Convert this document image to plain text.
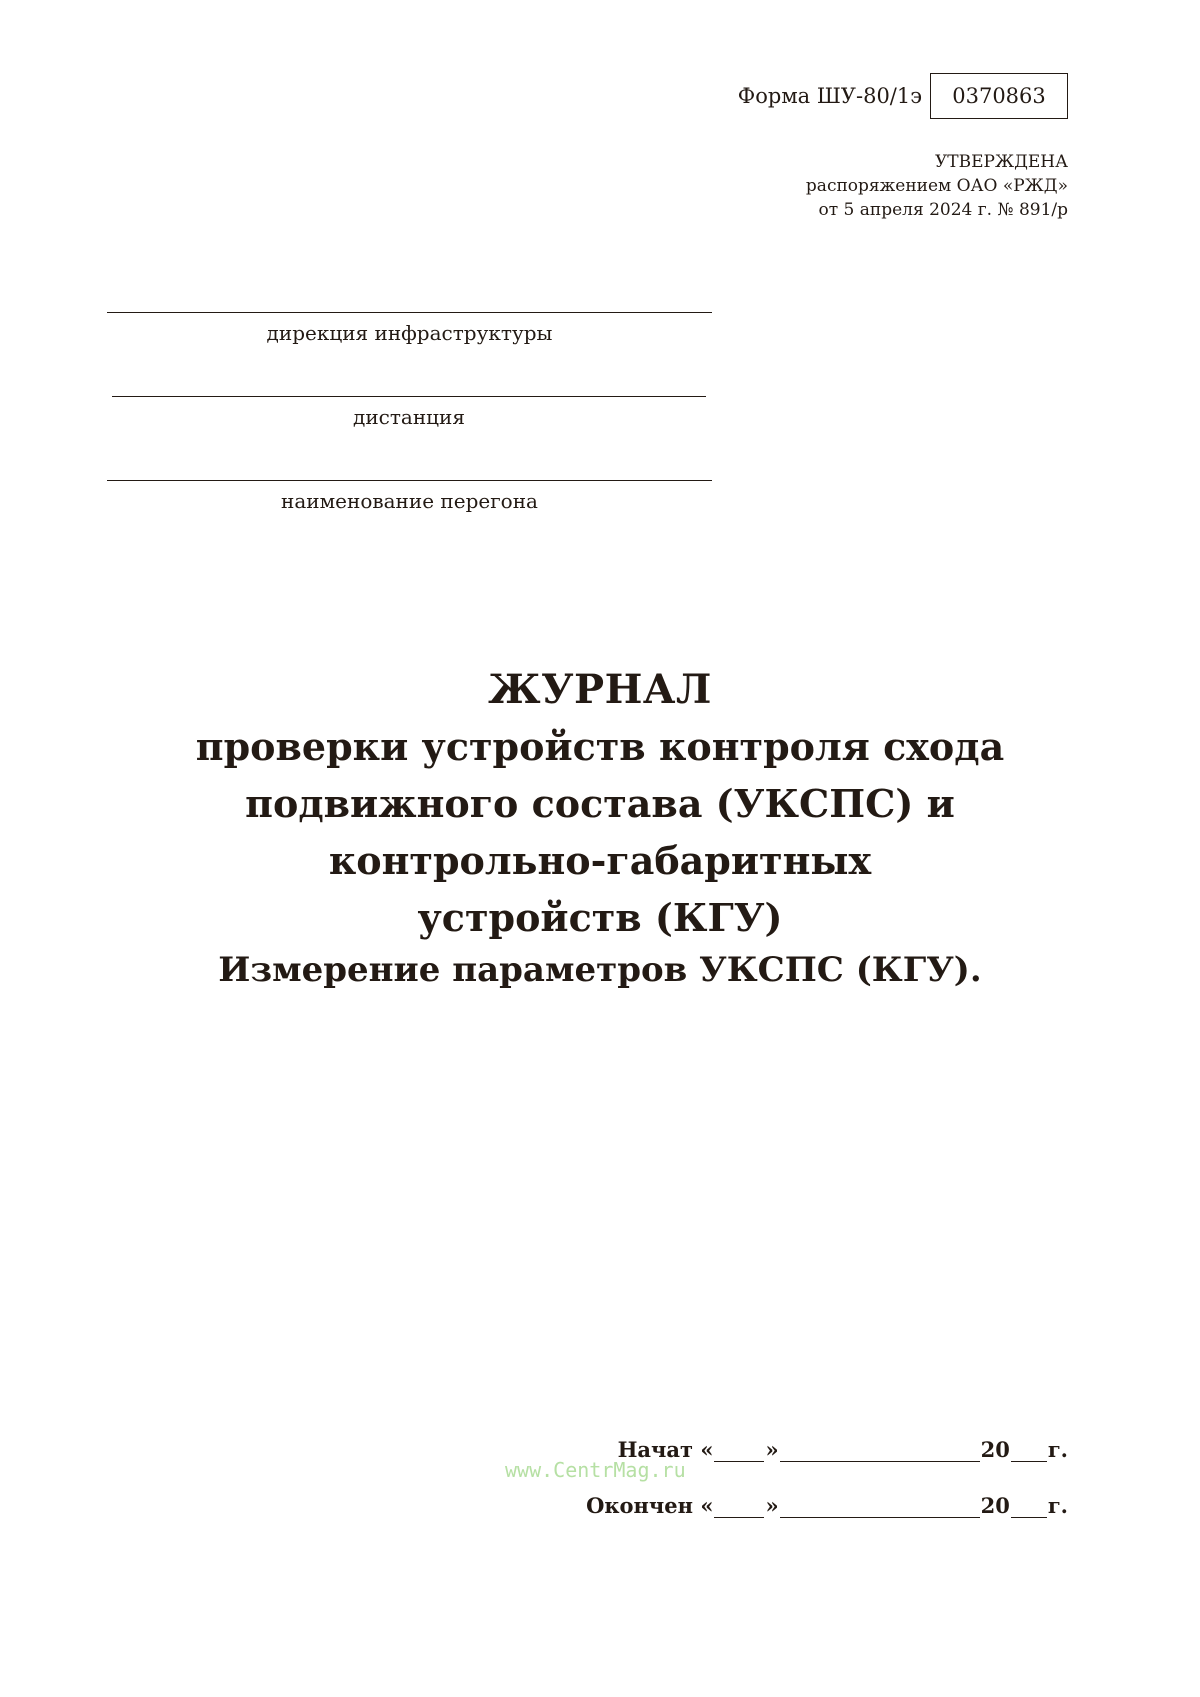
Форма ШУ-80/1э	0370863
УТВЕРЖДЕНА
распоряжением ОАО «РЖД»
от 5 апреля 2024 г. № 891/р
дирекция инфраструктуры
дистанция
наименование перегона
ЖУРНАЛ
проверки устройств контроля схода
подвижного состава (УКСПС) и
контрольно-габаритных
устройств (КГУ)
Измерение параметров УКСПС (КГУ).
www.CentrMag.ru
Начат « »	20 г.
Окончен « »	20 г.
